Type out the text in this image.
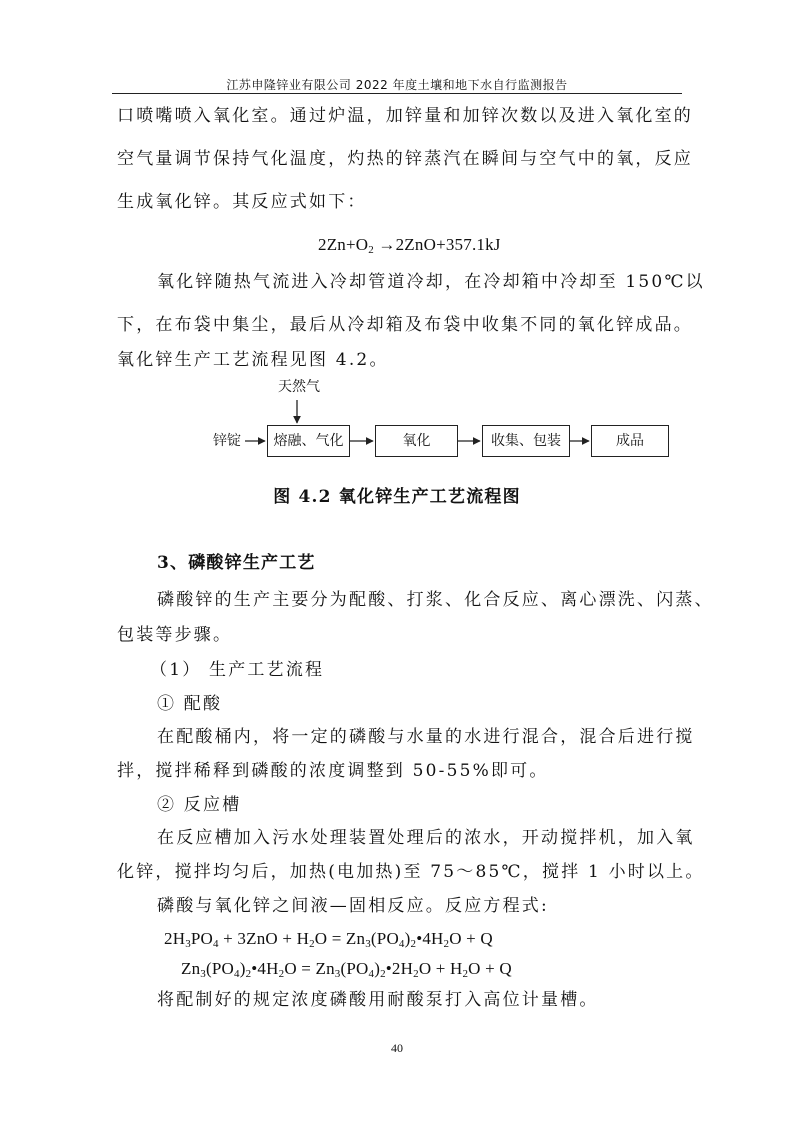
江苏申隆锌业有限公司 2022 年度土壤和地下水自行监测报告
口喷嘴喷入氧化室。通过炉温，加锌量和加锌次数以及进入氧化室的
空气量调节保持气化温度，灼热的锌蒸汽在瞬间与空气中的氧，反应
生成氧化锌。其反应式如下：
$2Zn+O_2 \to 2ZnO+357.1kJ$
氧化锌随热气流进入冷却管道冷却，在冷却箱中冷却至 150℃以
下，在布袋中集尘，最后从冷却箱及布袋中收集不同的氧化锌成品。
氧化锌生产工艺流程见图 4.2。
天然气
锌锭	熔融、气化	氧化	收集、包装	成品
图 4.2 氧化锌生产工艺流程图
3、磷酸锌生产工艺
磷酸锌的生产主要分为配酸、打浆、化合反应、离心漂洗、闪蒸、
包装等步骤。
（1） 生产工艺流程
① 配酸
在配酸桶内，将一定的磷酸与水量的水进行混合，混合后进行搅
拌，搅拌稀释到磷酸的浓度调整到 50-55%即可。
② 反应槽
在反应槽加入污水处理装置处理后的浓水，开动搅拌机，加入氧
化锌，搅拌均匀后，加热(电加热)至 75～85℃，搅拌 1 小时以上。
磷酸与氧化锌之间液—固相反应。反应方程式:
$2H_3PO_4 + 3ZnO + H_2O$ = $Zn_3(PO_4)_2•4H_2O + Q$
$Zn_3(PO_4)_2•4H_2O$ = $Zn_3(PO_4)_2•2H_2O + H_2O + Q$
将配制好的规定浓度磷酸用耐酸泵打入高位计量槽。
40
